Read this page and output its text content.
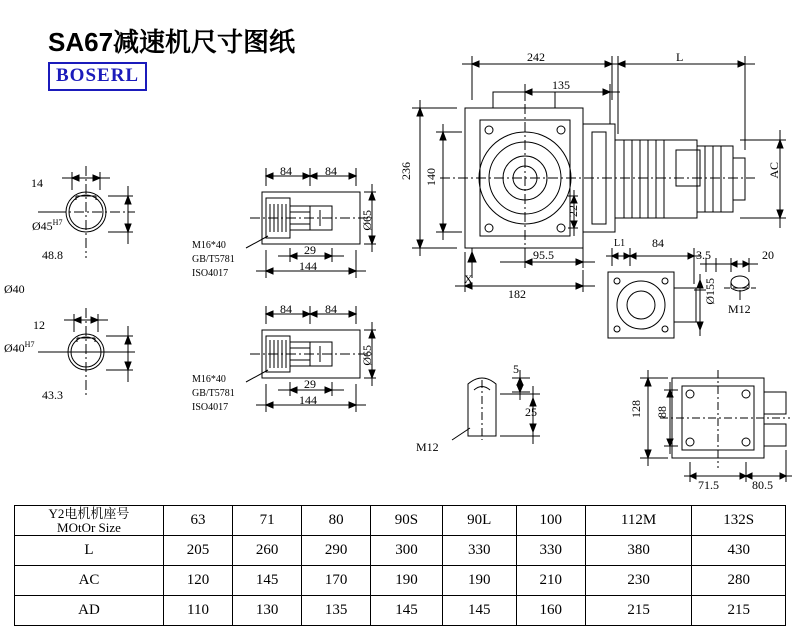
SA67减速机尺寸图纸
BOSERL
$Ø45^{H7}$
14
48.8
Ø40
$Ø40^{H7}$
12
43.3
84	84
29
144
Ø65
M16*40
GB/T5781
ISO4017
84	84
29
144
Ø65
M16*40
GB/T5781
ISO4017
242	L
135
236 140
22
AC
X
95.5
182
L1 84
3.5	20
Ø155
M12
5
25
M12
128 88
71.5	80.5
Y2电机机座号
MOtOr Size	63	71	80	90S	90L	100	112M	132S
L	205	260	290	300	330	330	380	430
AC	120	145	170	190	190	210	230	280
AD	110	130	135	145	145	160	215	215
